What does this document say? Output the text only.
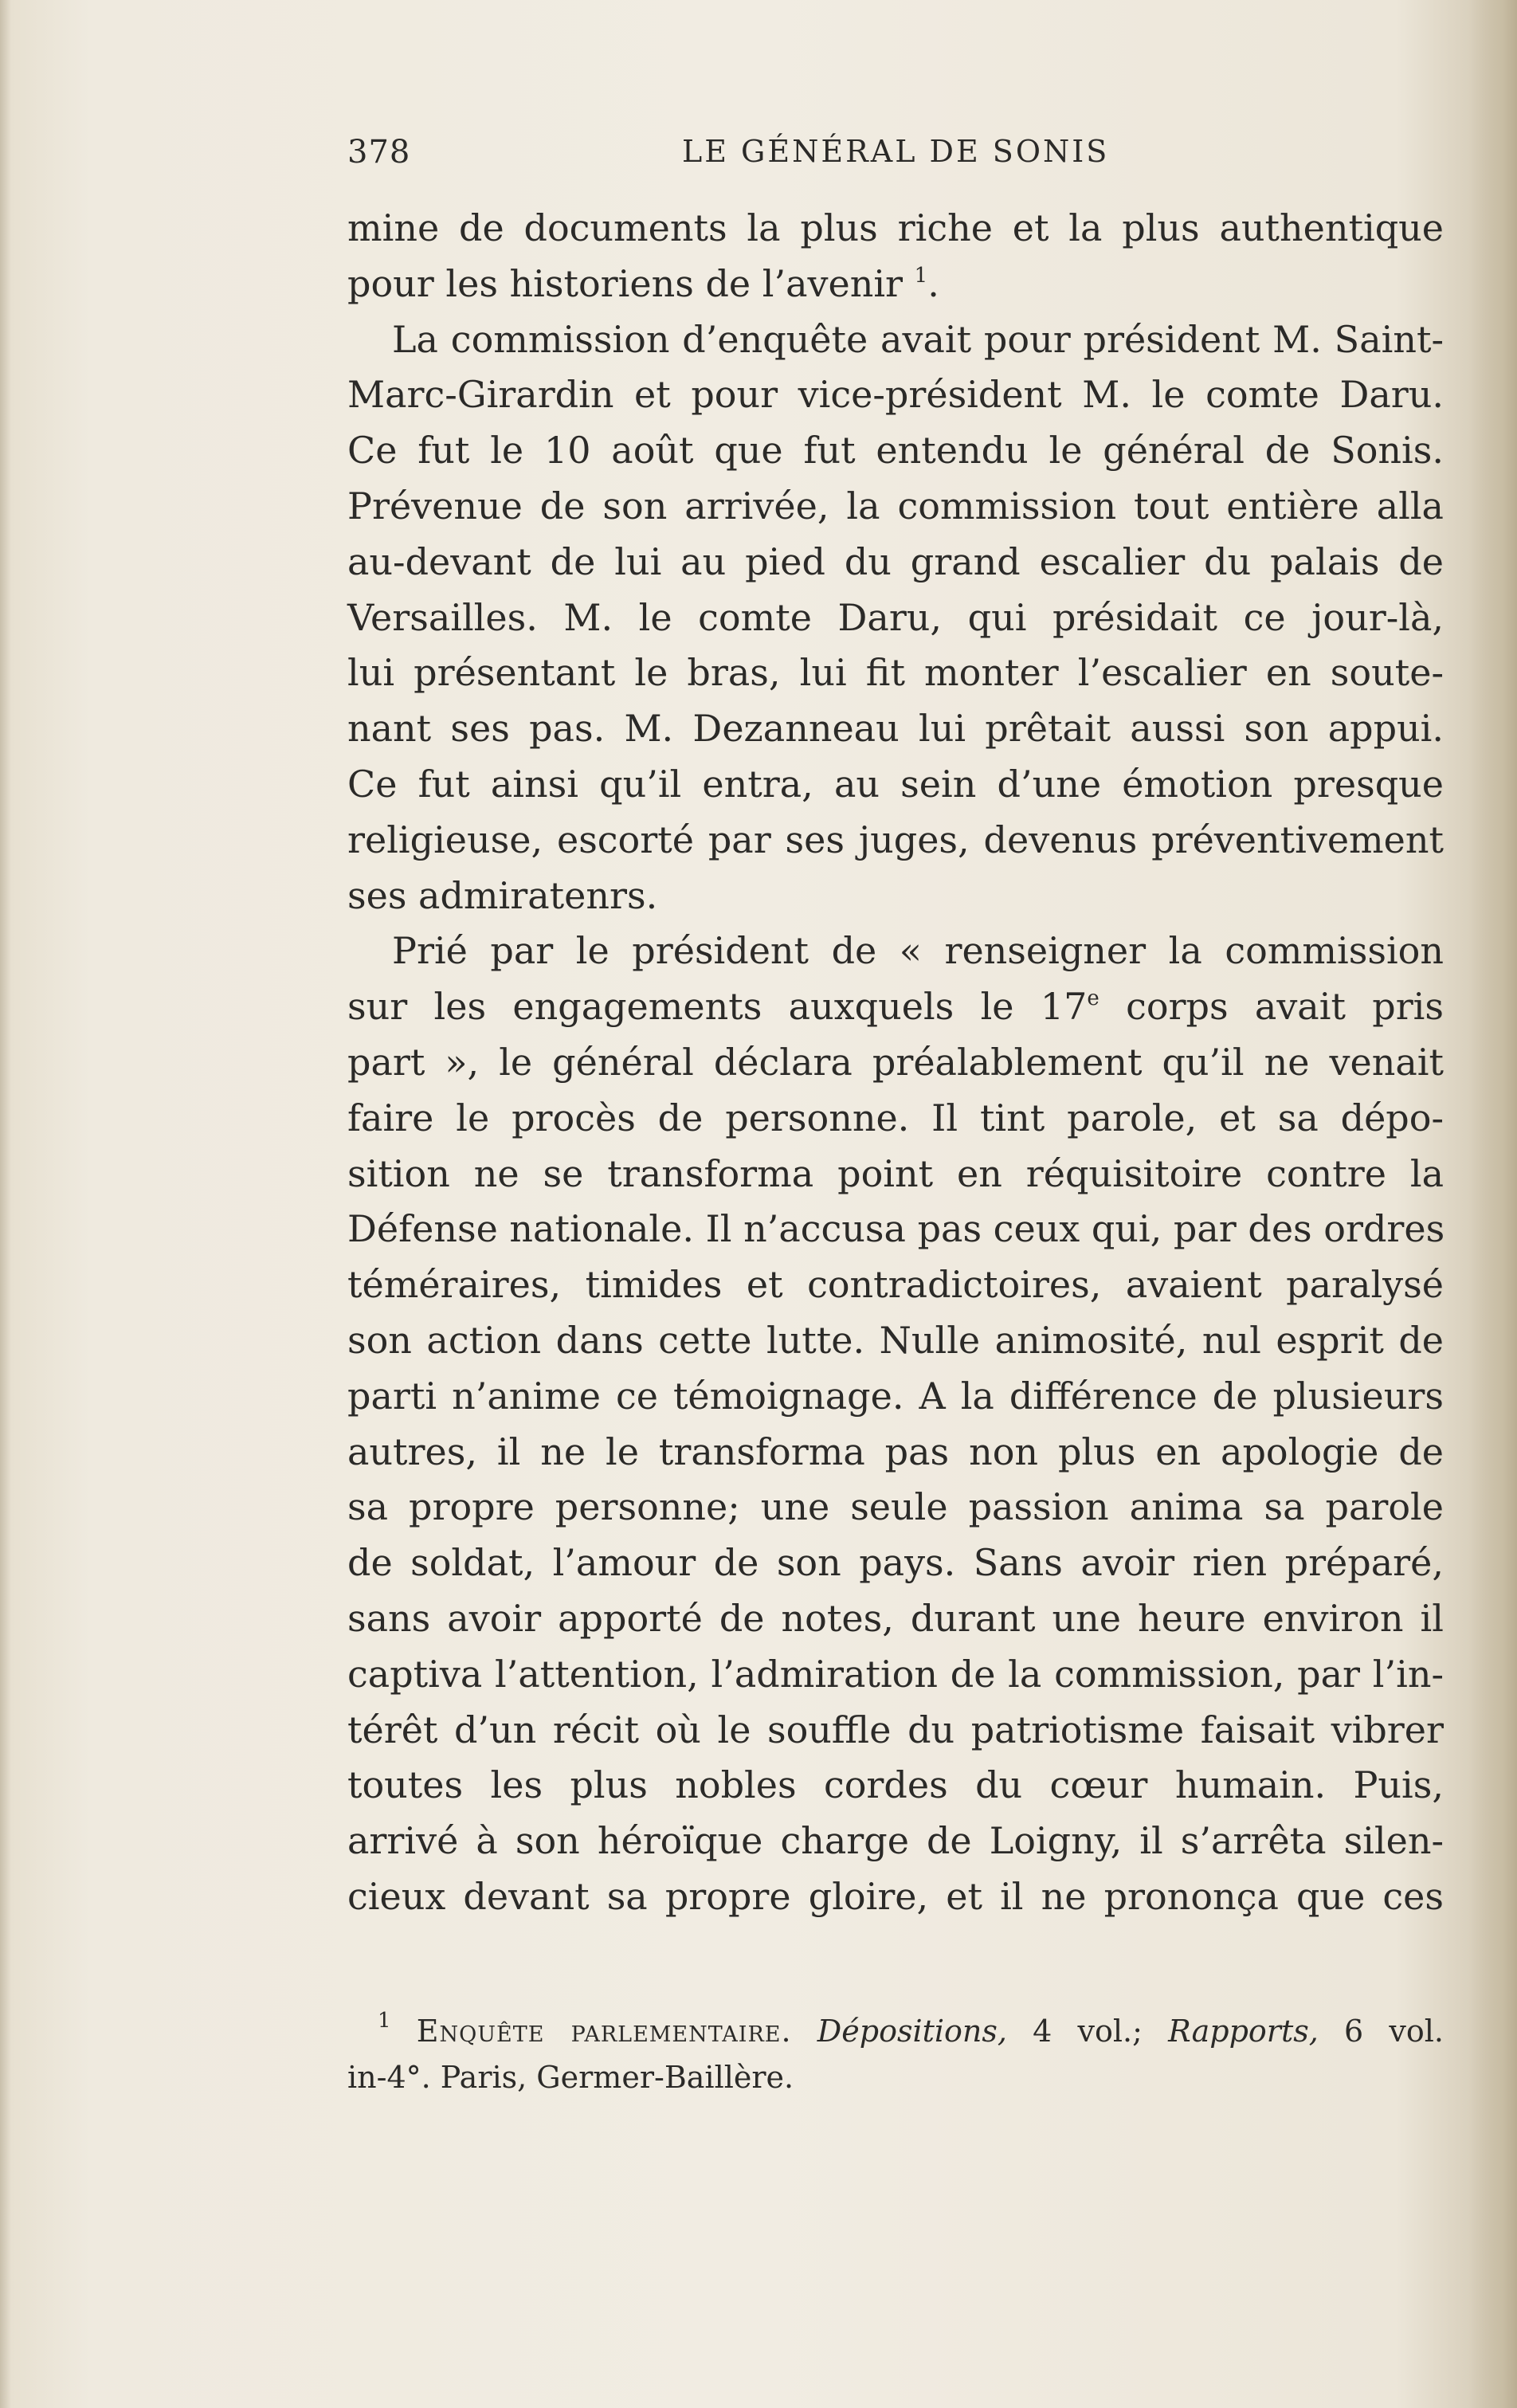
378	LE GÉNÉRAL DE SONIS
mine de documents la plus riche et la plus authentique
pour les historiens de l’avenir $^1$.
La commission d’enquête avait pour président M. Saint-
Marc-Girardin et pour vice-président M. le comte Daru.
Ce fut le 10 août que fut entendu le général de Sonis.
Prévenue de son arrivée, la commission tout entière alla
au-devant de lui au pied du grand escalier du palais de
Versailles. M. le comte Daru, qui présidait ce jour-là,
lui présentant le bras, lui fit monter l’escalier en soute-
nant ses pas. M. Dezanneau lui prêtait aussi son appui.
Ce fut ainsi qu’il entra, au sein d’une émotion presque
religieuse, escorté par ses juges, devenus préventivement
ses admiratenrs.
Prié par le président de « renseigner la commission
sur les engagements auxquels le 17e corps avait pris
part », le général déclara préalablement qu’il ne venait
faire le procès de personne. Il tint parole, et sa dépo-
sition ne se transforma point en réquisitoire contre la
Défense nationale. Il n’accusa pas ceux qui, par des ordres
téméraires, timides et contradictoires, avaient paralysé
son action dans cette lutte. Nulle animosité, nul esprit de
parti n’anime ce témoignage. A la différence de plusieurs
autres, il ne le transforma pas non plus en apologie de
sa propre personne; une seule passion anima sa parole
de soldat, l’amour de son pays. Sans avoir rien préparé,
sans avoir apporté de notes, durant une heure environ il
captiva l’attention, l’admiration de la commission, par l’in-
térêt d’un récit où le souffle du patriotisme faisait vibrer
toutes les plus nobles cordes du cœur humain. Puis,
arrivé à son héroïque charge de Loigny, il s’arrêta silen-
cieux devant sa propre gloire, et il ne prononça que ces
$^1$ Enquête parlementaire. Dépositions, 4 vol.; Rapports, 6 vol.
in-4°. Paris, Germer-Baillère.
